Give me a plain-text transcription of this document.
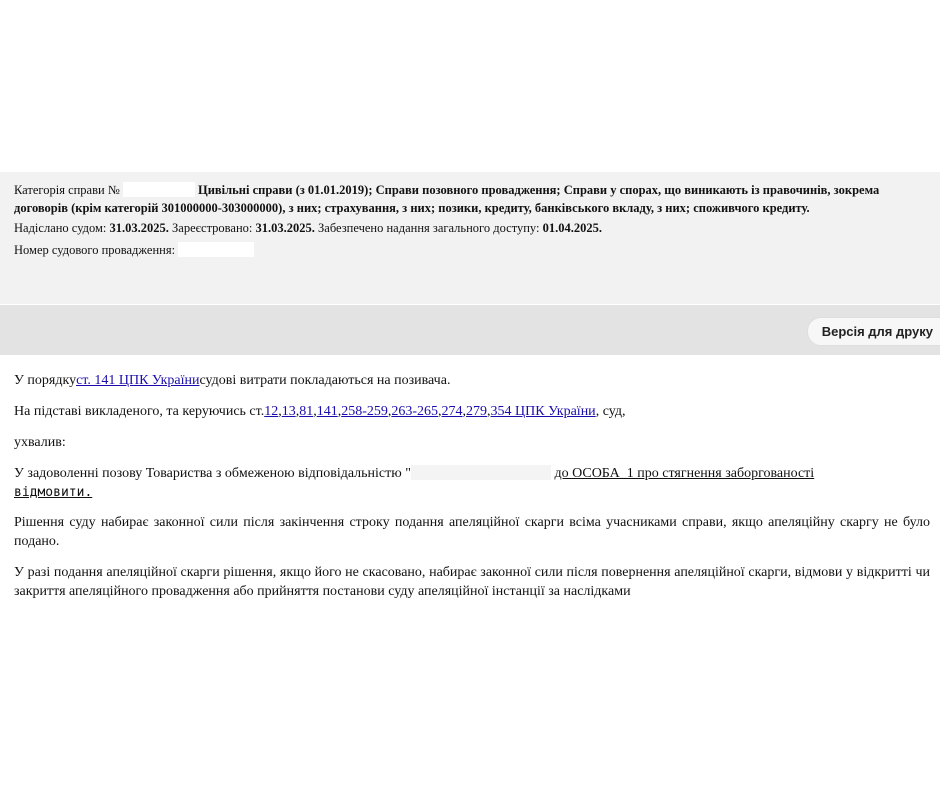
Категорія справи №	Цивільні справи (з 01.01.2019); Справи позовного провадження; Справи у спорах, що виникають із правочинів, зокрема договорів (крім категорій 301000000-303000000), з них; страхування, з них; позики, кредиту, банківського вкладу, з них; споживчого кредиту.

Надіслано судом: 31.03.2025. Зареєстровано: 31.03.2025. Забезпечено надання загального доступу: 01.04.2025.

Номер судового провадження:

Версія для друку

У порядкуст. 141 ЦПК Українисудові витрати покладаються на позивача.

На підставі викладеного, та керуючись ст.12,13,81,141,258-259,263-265,274,279,354 ЦПК України, суд,

ухвалив:

У задоволенні позову Товариства з обмеженою відповідальністю "	до ОСОБА_1 про стягнення заборгованості
відмовити.

Рішення суду набирає законної сили після закінчення строку подання апеляційної скарги всіма учасниками справи, якщо апеляційну скаргу не було подано.

У разі подання апеляційної скарги рішення, якщо його не скасовано, набирає законної сили після повернення апеляційної скарги, відмови у відкритті чи закриття апеляційного провадження або прийняття постанови суду апеляційної інстанції за наслідками
